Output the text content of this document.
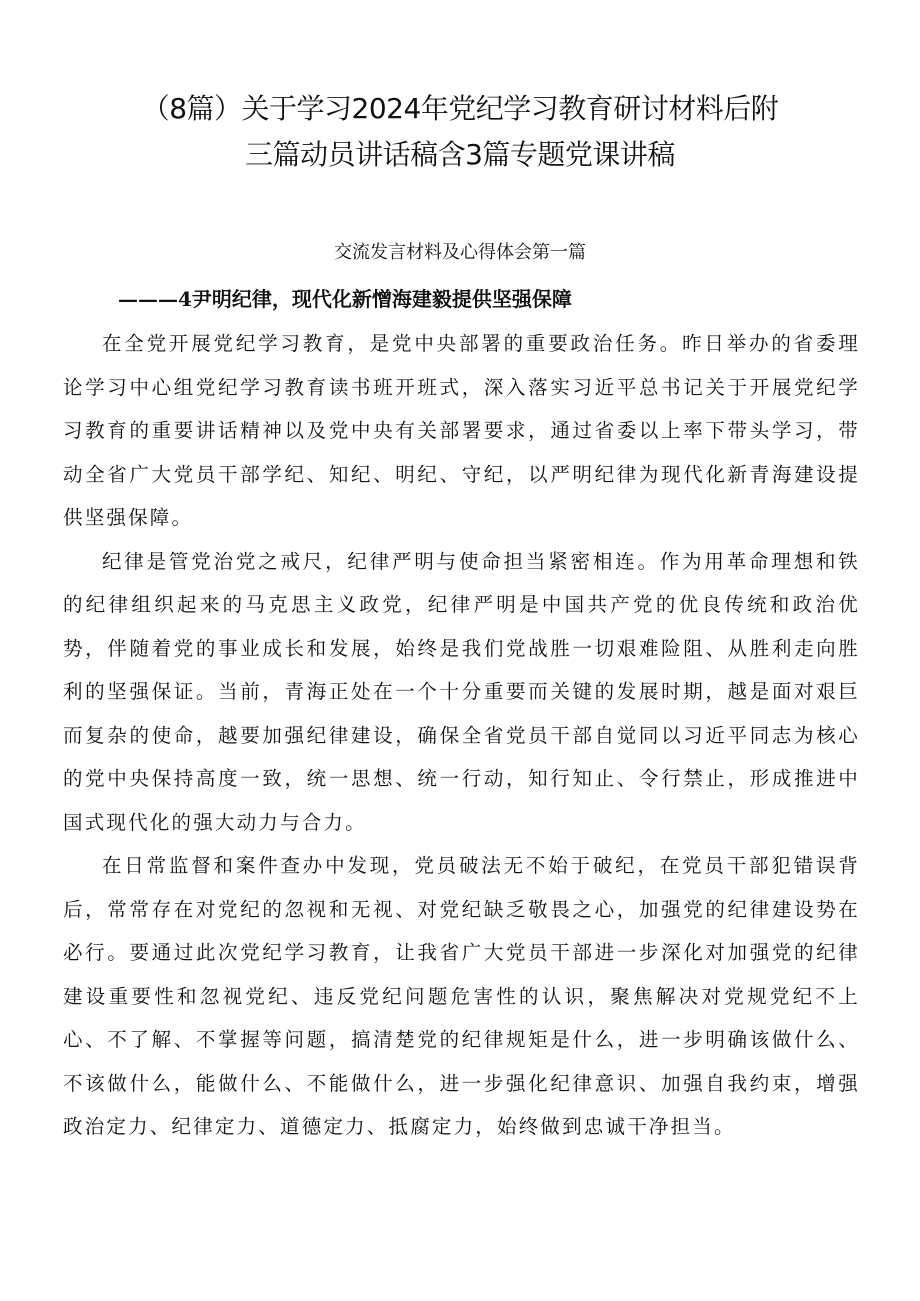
（8篇）关于学习2024年党纪学习教育研讨材料后附
三篇动员讲话稿含3篇专题党课讲稿
交流发言材料及心得体会第一篇
———4尹明纪律，现代化新憎海建毅提供坚强保障

在全党开展党纪学习教育，是党中央部署的重要政治任务。昨日举办的省委理论学习中心组党纪学习教育读书班开班式，深入落实习近平总书记关于开展党纪学习教育的重要讲话精神以及党中央有关部署要求，通过省委以上率下带头学习，带动全省广大党员干部学纪、知纪、明纪、守纪，以严明纪律为现代化新青海建设提供坚强保障。

纪律是管党治党之戒尺，纪律严明与使命担当紧密相连。作为用革命理想和铁的纪律组织起来的马克思主义政党，纪律严明是中国共产党的优良传统和政治优势，伴随着党的事业成长和发展，始终是我们党战胜一切艰难险阻、从胜利走向胜利的坚强保证。当前，青海正处在一个十分重要而关键的发展时期，越是面对艰巨而复杂的使命，越要加强纪律建设，确保全省党员干部自觉同以习近平同志为核心的党中央保持高度一致，统一思想、统一行动，知行知止、令行禁止，形成推进中国式现代化的强大动力与合力。

在日常监督和案件查办中发现，党员破法无不始于破纪，在党员干部犯错误背后，常常存在对党纪的忽视和无视、对党纪缺乏敬畏之心，加强党的纪律建设势在必行。要通过此次党纪学习教育，让我省广大党员干部进一步深化对加强党的纪律建设重要性和忽视党纪、违反党纪问题危害性的认识，聚焦解决对党规党纪不上心、不了解、不掌握等问题，搞清楚党的纪律规矩是什么，进一步明确该做什么、不该做什么，能做什么、不能做什么，进一步强化纪律意识、加强自我约束，增强政治定力、纪律定力、道德定力、抵腐定力，始终做到忠诚干净担当。
